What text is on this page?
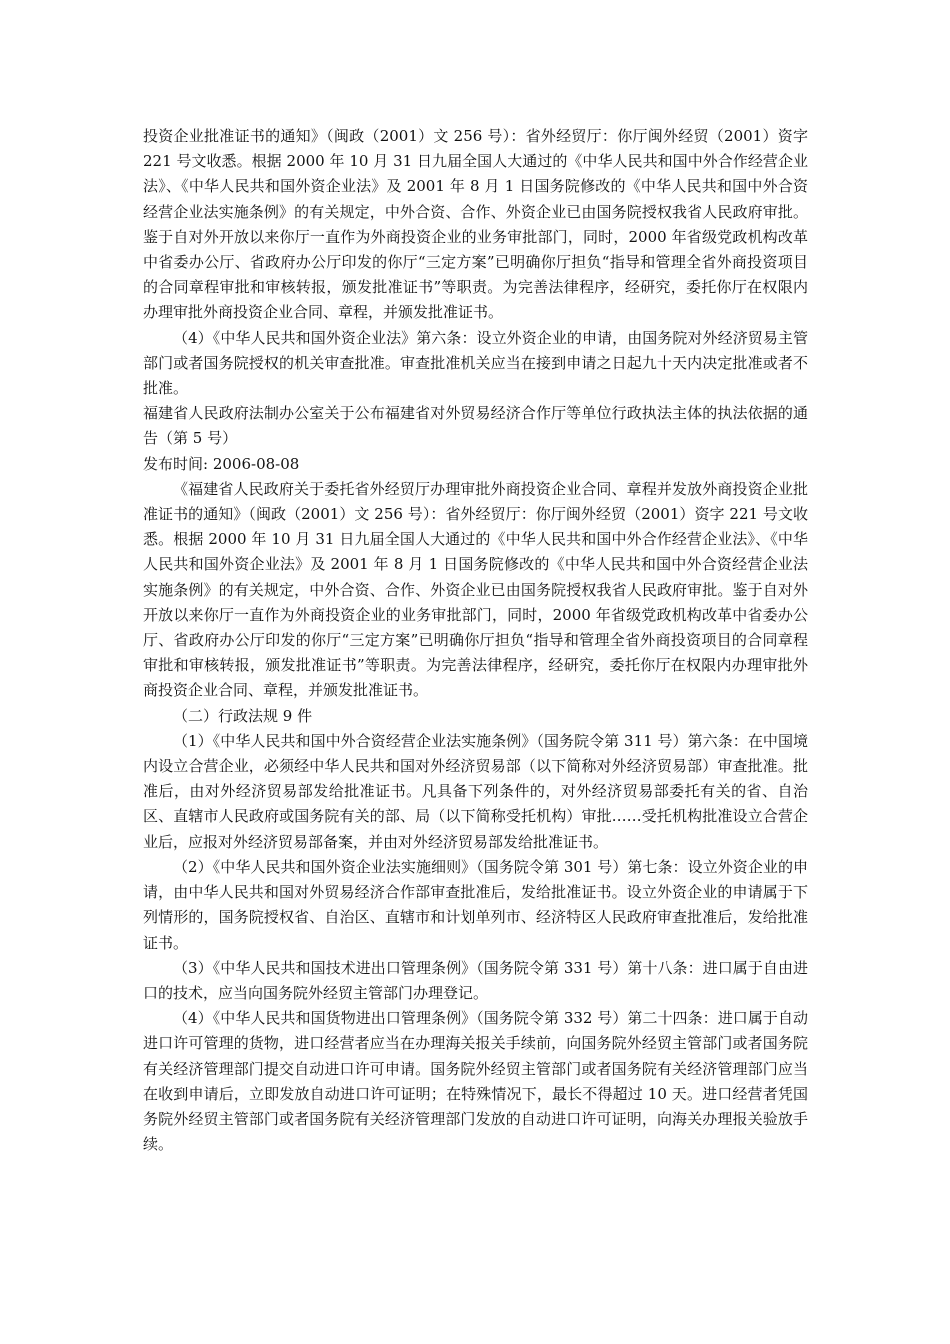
投资企业批准证书的通知》（闽政（2001）文 256 号）：省外经贸厅：你厅闽外经贸（2001）资字 221 号文收悉。根据 2000 年 10 月 31 日九届全国人大通过的《中华人民共和国中外合作经营企业法》、《中华人民共和国外资企业法》及 2001 年 8 月 1 日国务院修改的《中华人民共和国中外合资经营企业法实施条例》的有关规定，中外合资、合作、外资企业已由国务院授权我省人民政府审批。鉴于自对外开放以来你厅一直作为外商投资企业的业务审批部门，同时，2000 年省级党政机构改革中省委办公厅、省政府办公厅印发的你厅“三定方案”已明确你厅担负“指导和管理全省外商投资项目的合同章程审批和审核转报，颁发批准证书”等职责。为完善法律程序，经研究，委托你厅在权限内办理审批外商投资企业合同、章程，并颁发批准证书。

（4）《中华人民共和国外资企业法》第六条：设立外资企业的申请，由国务院对外经济贸易主管部门或者国务院授权的机关审查批准。审查批准机关应当在接到申请之日起九十天内决定批准或者不批准。

福建省人民政府法制办公室关于公布福建省对外贸易经济合作厅等单位行政执法主体的执法依据的通告（第 5 号）

发布时间: 2006-08-08

《福建省人民政府关于委托省外经贸厅办理审批外商投资企业合同、章程并发放外商投资企业批准证书的通知》（闽政（2001）文 256 号）：省外经贸厅：你厅闽外经贸（2001）资字 221 号文收悉。根据 2000 年 10 月 31 日九届全国人大通过的《中华人民共和国中外合作经营企业法》、《中华人民共和国外资企业法》及 2001 年 8 月 1 日国务院修改的《中华人民共和国中外合资经营企业法实施条例》的有关规定，中外合资、合作、外资企业已由国务院授权我省人民政府审批。鉴于自对外开放以来你厅一直作为外商投资企业的业务审批部门，同时，2000 年省级党政机构改革中省委办公厅、省政府办公厅印发的你厅“三定方案”已明确你厅担负“指导和管理全省外商投资项目的合同章程审批和审核转报，颁发批准证书”等职责。为完善法律程序，经研究，委托你厅在权限内办理审批外商投资企业合同、章程，并颁发批准证书。

（二）行政法规 9 件

（1）《中华人民共和国中外合资经营企业法实施条例》（国务院令第 311 号）第六条：在中国境内设立合营企业，必须经中华人民共和国对外经济贸易部（以下简称对外经济贸易部）审查批准。批准后，由对外经济贸易部发给批准证书。凡具备下列条件的，对外经济贸易部委托有关的省、自治区、直辖市人民政府或国务院有关的部、局（以下简称受托机构）审批……受托机构批准设立合营企业后，应报对外经济贸易部备案，并由对外经济贸易部发给批准证书。

（2）《中华人民共和国外资企业法实施细则》（国务院令第 301 号）第七条：设立外资企业的申请，由中华人民共和国对外贸易经济合作部审查批准后，发给批准证书。设立外资企业的申请属于下列情形的，国务院授权省、自治区、直辖市和计划单列市、经济特区人民政府审查批准后，发给批准证书。

（3）《中华人民共和国技术进出口管理条例》（国务院令第 331 号）第十八条：进口属于自由进口的技术，应当向国务院外经贸主管部门办理登记。

（4）《中华人民共和国货物进出口管理条例》（国务院令第 332 号）第二十四条：进口属于自动进口许可管理的货物，进口经营者应当在办理海关报关手续前，向国务院外经贸主管部门或者国务院有关经济管理部门提交自动进口许可申请。国务院外经贸主管部门或者国务院有关经济管理部门应当在收到申请后，立即发放自动进口许可证明；在特殊情况下，最长不得超过 10 天。进口经营者凭国务院外经贸主管部门或者国务院有关经济管理部门发放的自动进口许可证明，向海关办理报关验放手续。
